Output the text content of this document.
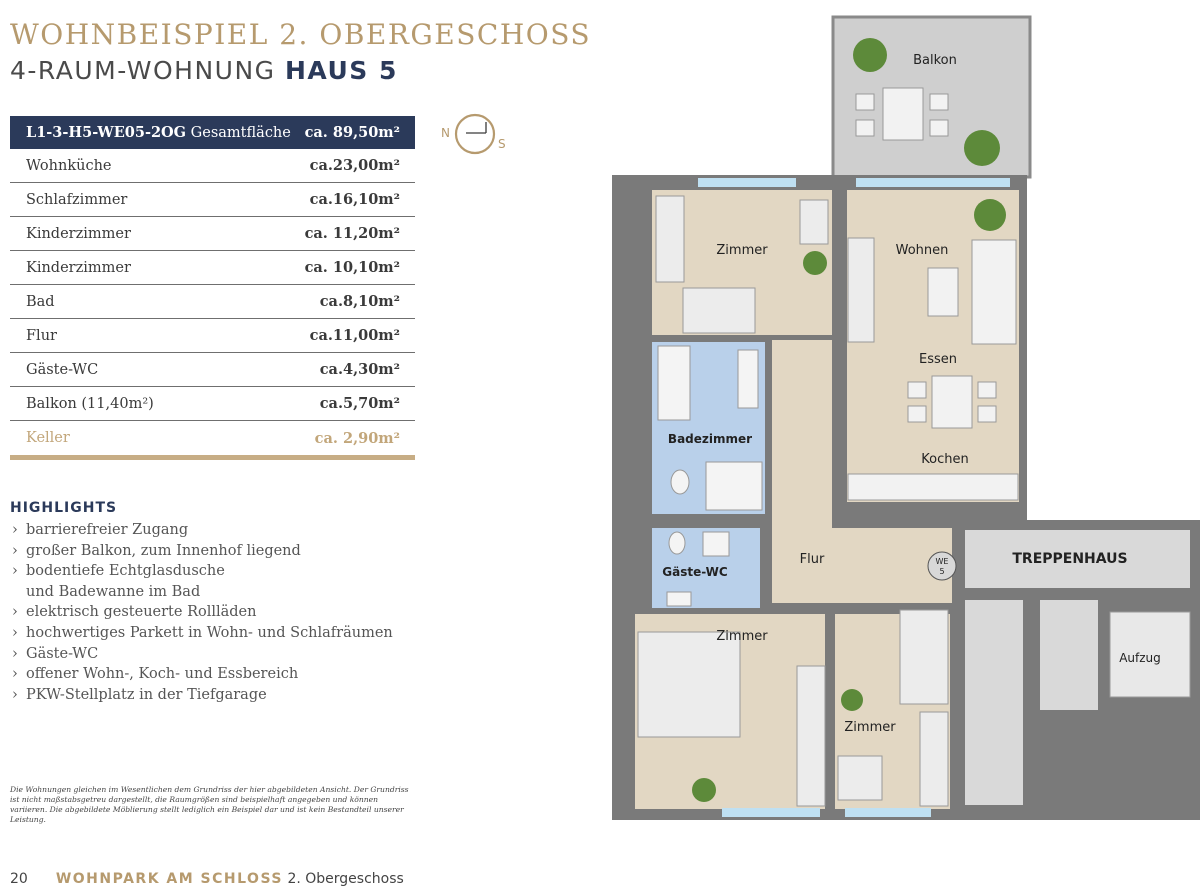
WOHNBEISPIEL 2. OBERGESCHOSS
4-RAUM-WOHNUNG HAUS 5
L1-3-H5-WE05-2OG Gesamtfläche ca. 89,50m²
Wohnküche	ca.23,00m²
Schlafzimmer	ca.16,10m²
Kinderzimmer	ca. 11,20m²
Kinderzimmer	ca. 10,10m²
Bad	ca.8,10m²
Flur	ca.11,00m²
Gäste-WC	ca.4,30m²
Balkon (11,40m²)	ca.5,70m²
Keller	ca. 2,90m²
N
S
HIGHLIGHTS
› barrierefreier Zugang
› großer Balkon, zum Innenhof liegend
› bodentiefe Echtglasdusche
und Badewanne im Bad
› elektrisch gesteuerte Rollläden
› hochwertiges Parkett in Wohn- und Schlafräumen
› Gäste-WC
› offener Wohn-, Koch- und Essbereich
› PKW-Stellplatz in der Tiefgarage
Die Wohnungen gleichen im Wesentlichen dem Grundriss der hier abgebildeten Ansicht. Der Grundriss ist nicht maßstabsgetreu dargestellt, die Raumgrößen sind beispielhaft angegeben und können variieren. Die abgebildete Möblierung stellt lediglich ein Beispiel dar und ist kein Bestandteil unserer Leistung.
20 WOHNPARK AM SCHLOSS 2. Obergeschoss
Balkon
Zimmer	Wohnen
Essen
Kochen
Badezimmer
Gäste-WC
Flur	WE
5
TREPPENHAUS
Aufzug
Zimmer
Zimmer
